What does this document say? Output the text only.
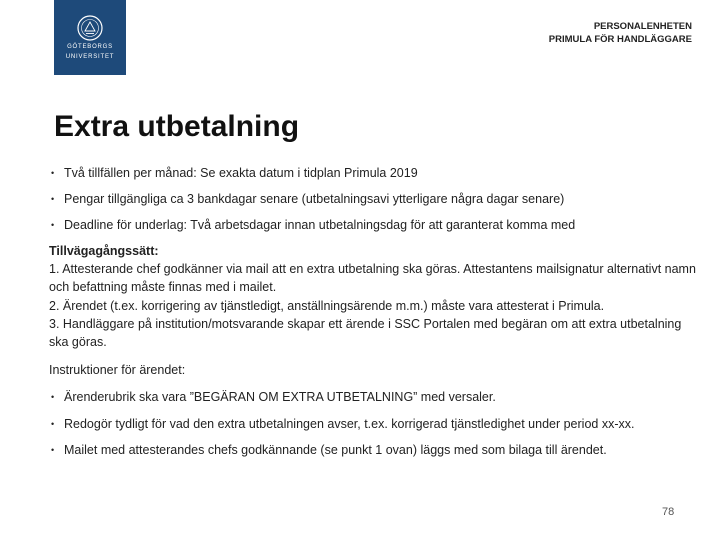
GÖTEBORGS
UNIVERSITET
PERSONALENHETEN
PRIMULA FÖR HANDLÄGGARE
Extra utbetalning
• Två tillfällen per månad: Se exakta datum i tidplan Primula 2019
• Pengar tillgängliga ca 3 bankdagar senare (utbetalningsavi ytterligare några dagar senare)
• Deadline för underlag: Två arbetsdagar innan utbetalningsdag för att garanterat komma med
Tillvägagångssätt:
1. Attesterande chef godkänner via mail att en extra utbetalning ska göras. Attestantens mailsignatur alternativt namn och befattning måste finnas med i mailet.
2. Ärendet (t.ex. korrigering av tjänstledigt, anställningsärende m.m.) måste vara attesterat i Primula.
3. Handläggare på institution/motsvarande skapar ett ärende i SSC Portalen med begäran om att extra utbetalning ska göras.
Instruktioner för ärendet:
• Ärenderubrik ska vara ”BEGÄRAN OM EXTRA UTBETALNING” med versaler.
• Redogör tydligt för vad den extra utbetalningen avser, t.ex. korrigerad tjänstledighet under period xx-xx.
• Mailet med attesterandes chefs godkännande (se punkt 1 ovan) läggs med som bilaga till ärendet.
78
